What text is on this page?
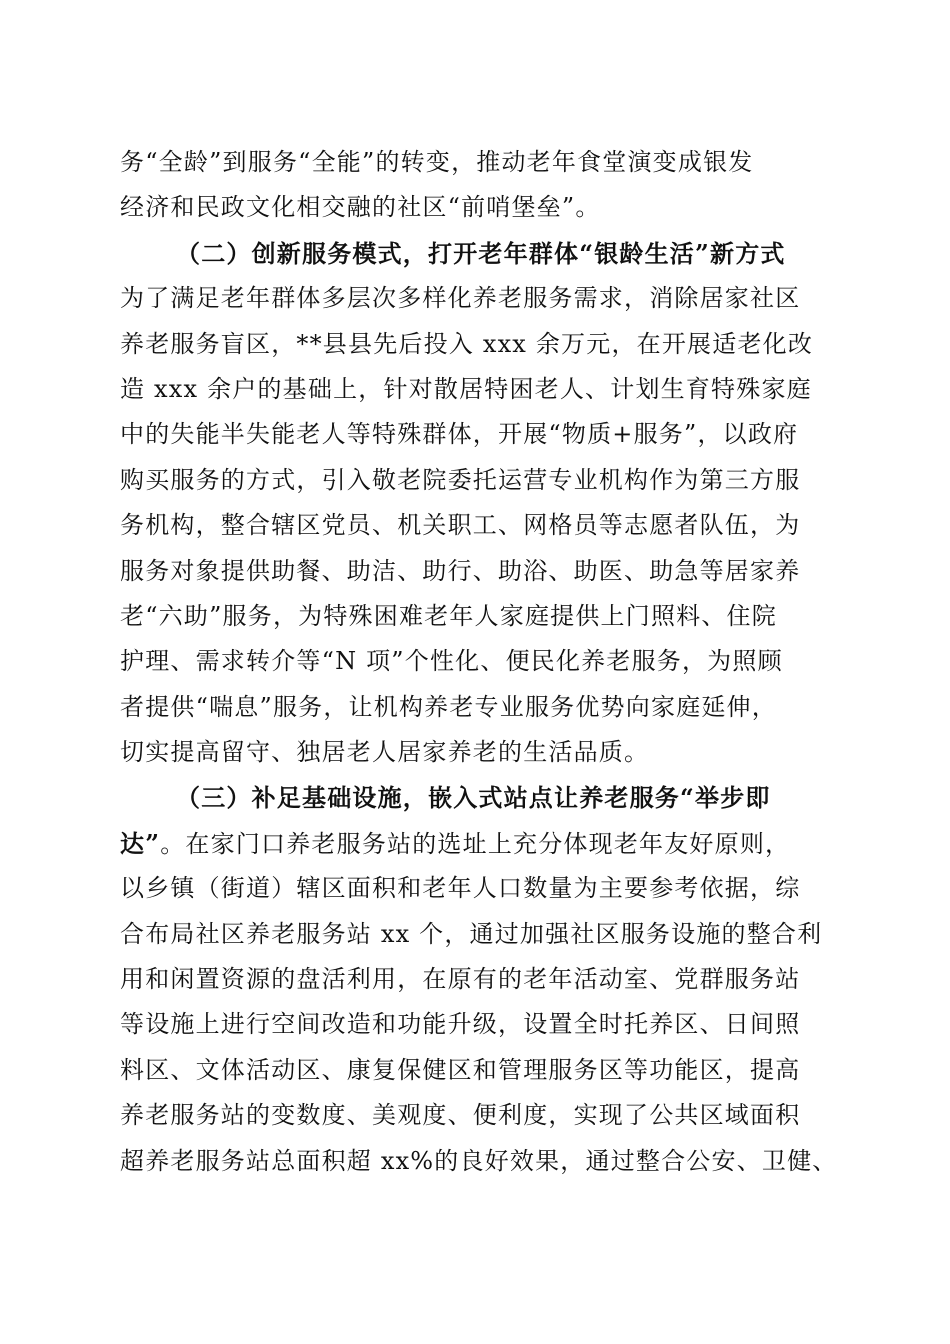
务“全龄”到服务“全能”的转变，推动老年食堂演变成银发
经济和民政文化相交融的社区“前哨堡垒”。
（二）创新服务模式，打开老年群体“银龄生活”新方式
为了满足老年群体多层次多样化养老服务需求，消除居家社区
养老服务盲区，**县县先后投入 xxx 余万元，在开展适老化改
造 xxx 余户的基础上，针对散居特困老人、计划生育特殊家庭
中的失能半失能老人等特殊群体，开展“物质+服务”，以政府
购买服务的方式，引入敬老院委托运营专业机构作为第三方服
务机构，整合辖区党员、机关职工、网格员等志愿者队伍，为
服务对象提供助餐、助洁、助行、助浴、助医、助急等居家养
老“六助”服务，为特殊困难老年人家庭提供上门照料、住院
护理、需求转介等“N 项”个性化、便民化养老服务，为照顾
者提供“喘息”服务，让机构养老专业服务优势向家庭延伸，
切实提高留守、独居老人居家养老的生活品质。
（三）补足基础设施，嵌入式站点让养老服务“举步即
达”。在家门口养老服务站的选址上充分体现老年友好原则，
以乡镇（街道）辖区面积和老年人口数量为主要参考依据，综
合布局社区养老服务站 xx 个，通过加强社区服务设施的整合利
用和闲置资源的盘活利用，在原有的老年活动室、党群服务站
等设施上进行空间改造和功能升级，设置全时托养区、日间照
料区、文体活动区、康复保健区和管理服务区等功能区，提高
养老服务站的变数度、美观度、便利度，实现了公共区域面积
超养老服务站总面积超 xx%的良好效果，通过整合公安、卫健、
